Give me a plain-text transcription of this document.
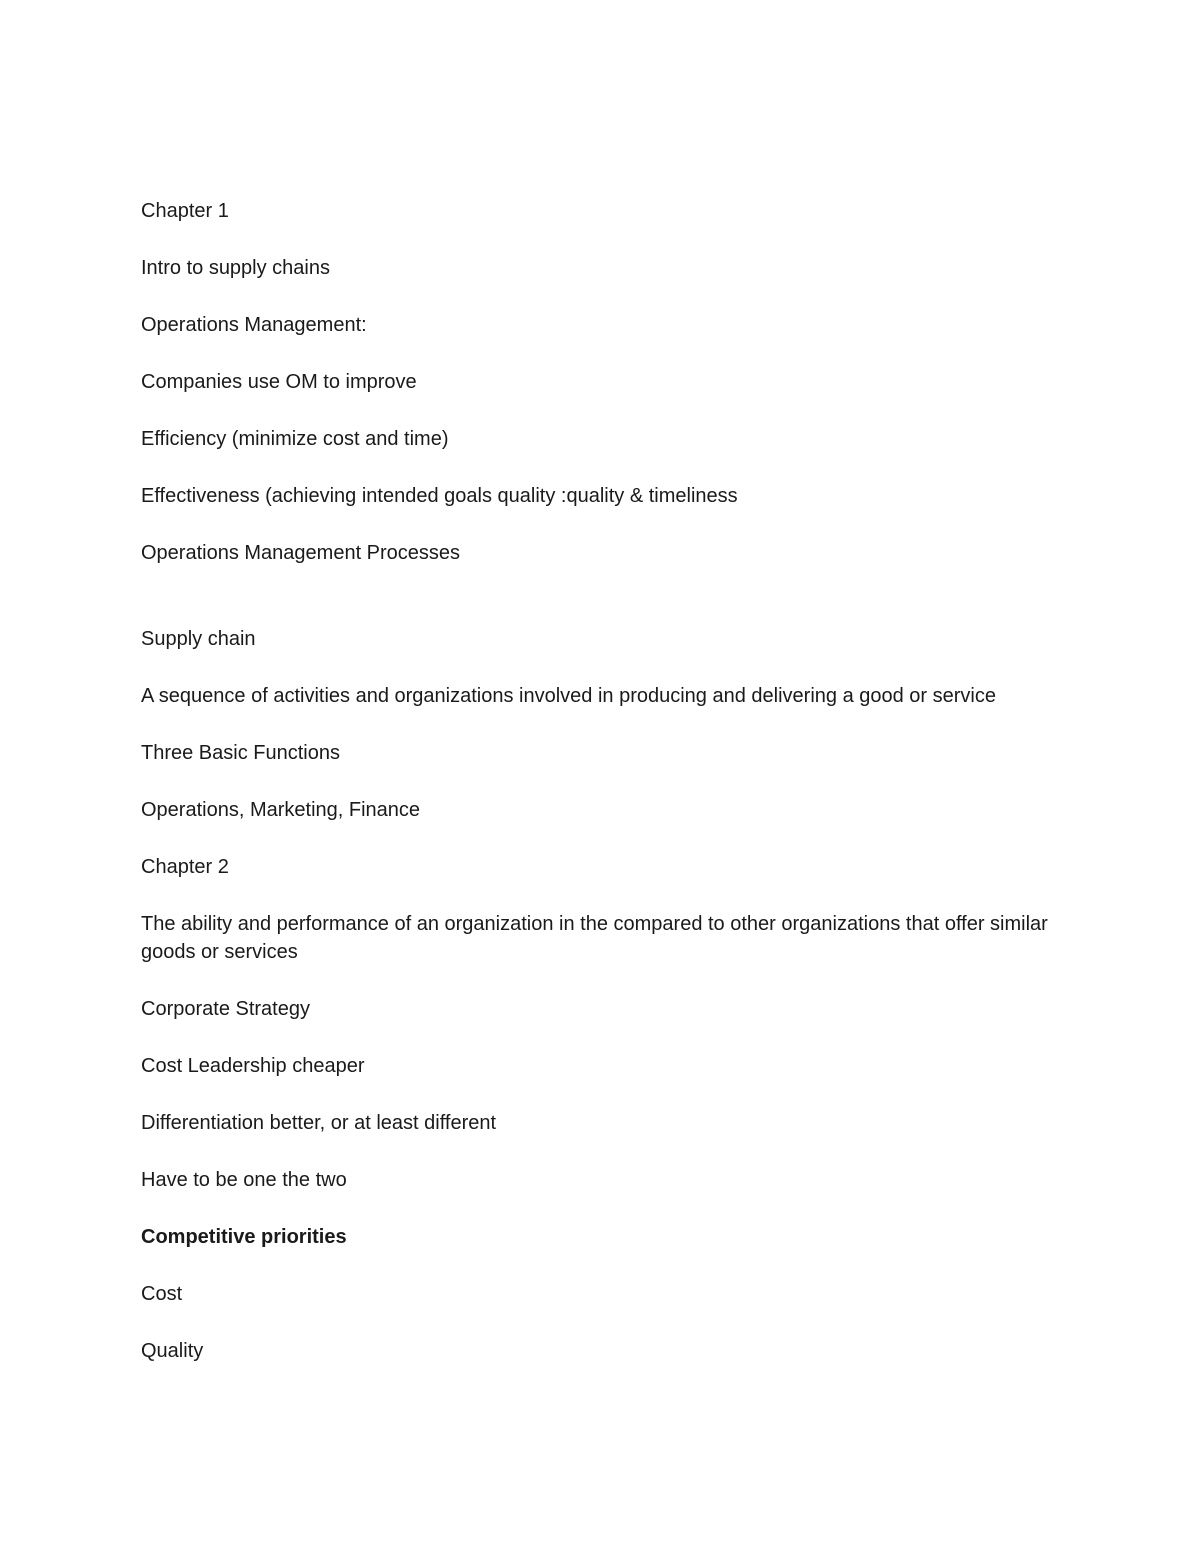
Chapter 1

Intro to supply chains

Operations Management:

Companies use OM to improve

Efficiency (minimize cost and time)

Effectiveness (achieving intended goals quality :quality & timeliness

Operations Management Processes

Supply chain

A sequence of activities and organizations involved in producing and delivering a good or service

Three Basic Functions

Operations, Marketing, Finance

Chapter 2

The ability and performance of an organization in the compared to other organizations that offer similar goods or services

Corporate Strategy

Cost Leadership cheaper

Differentiation better, or at least different

Have to be one the two

Competitive priorities

Cost

Quality
